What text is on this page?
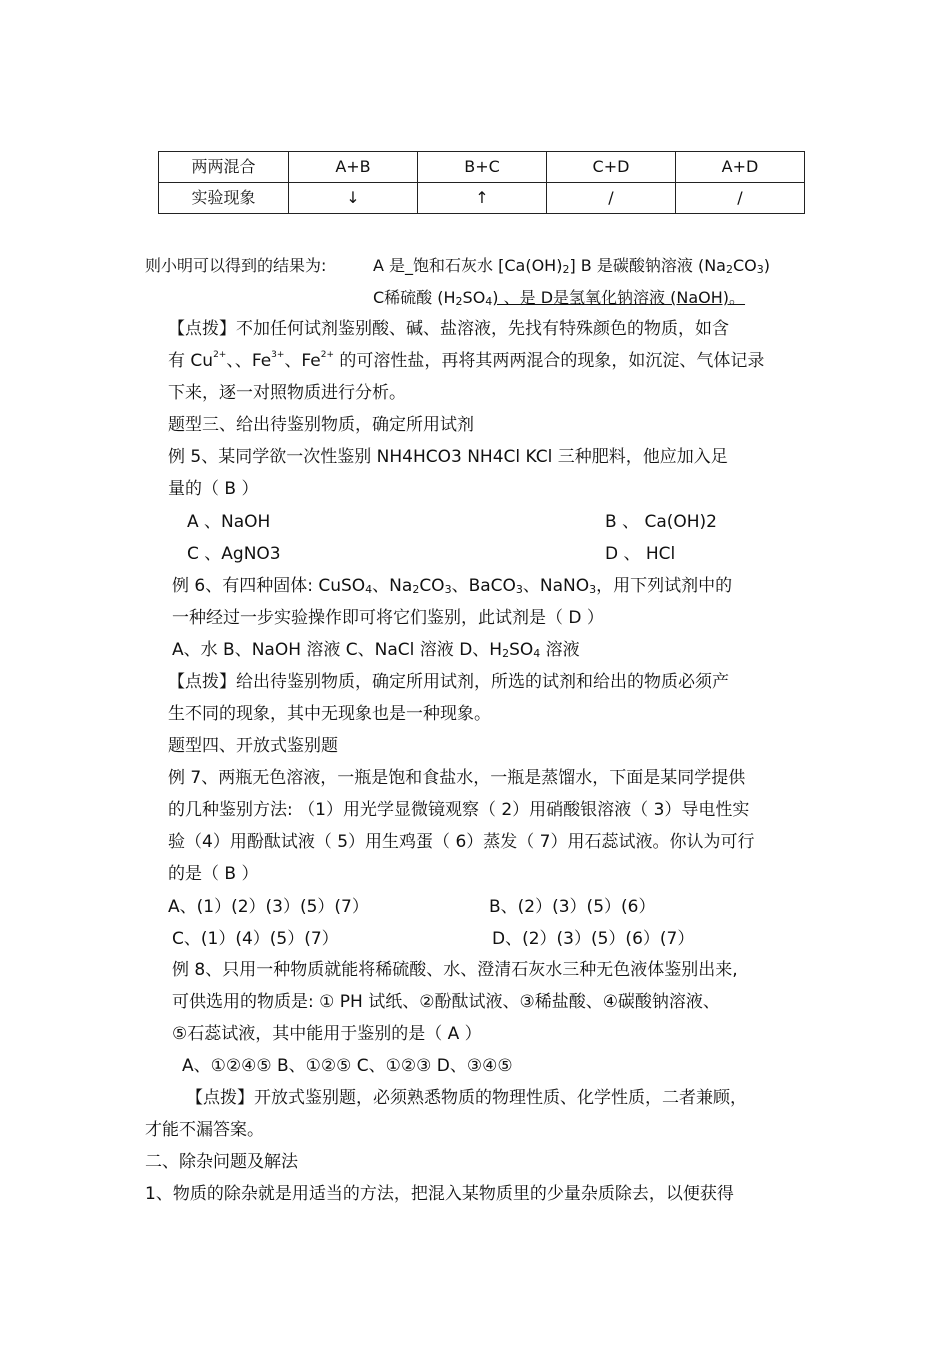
两两混合	A+B	B+C	C+D	A+D
实验现象	↓	↑	/	/
则小明可以得到的结果为:	A 是_饱和石灰水 $[Ca(OH)_2]$ B 是碳酸钠溶液 $(Na_2CO_3)$
C稀硫酸 $(H_2SO_4)$ 、是 D是氢氧化钠溶液 (NaOH)。
【点拨】不加任何试剂鉴别酸、碱、盐溶液，先找有特殊颜色的物质，如含
有 $Cu^{2+}$、、$Fe^{3+}$、$Fe^{2+}$ 的可溶性盐，再将其两两混合的现象，如沉淀、气体记录
下来，逐一对照物质进行分析。
题型三、给出待鉴别物质，确定所用试剂
例 5、某同学欲一次性鉴别 NH4HCO3 NH4Cl KCl 三种肥料，他应加入足
量的（ B ）
A 、NaOH	B 、 Ca(OH)2
C 、AgNO3	D 、 HCl
例 6、有四种固体: CuSO$_4$、$Na_2CO_3$、BaCO$_3$、NaNO$_3$，用下列试剂中的
一种经过一步实验操作即可将它们鉴别，此试剂是（ D ）
A、水 B、NaOH 溶液 C、NaCl 溶液 D、$H_2SO_4$ 溶液
【点拨】给出待鉴别物质，确定所用试剂，所选的试剂和给出的物质必须产
生不同的现象，其中无现象也是一种现象。
题型四、开放式鉴别题
例 7、两瓶无色溶液，一瓶是饱和食盐水，一瓶是蒸馏水，下面是某同学提供
的几种鉴别方法: （1）用光学显微镜观察（ 2）用硝酸银溶液（ 3）导电性实
验（4）用酚酞试液（ 5）用生鸡蛋（ 6）蒸发（ 7）用石蕊试液。你认为可行
的是（ B ）
A、(1）(2）(3）(5）(7）	B、(2）(3）(5）(6）
C、(1）(4）(5）(7）	D、(2）(3）(5）(6）(7）
例 8、只用一种物质就能将稀硫酸、水、澄清石灰水三种无色液体鉴别出来,
可供选用的物质是: ① PH 试纸、②酚酞试液、③稀盐酸、④碳酸钠溶液、
⑤石蕊试液，其中能用于鉴别的是（ A ）
A、①②④⑤ B、①②⑤ C、①②③ D、③④⑤
【点拨】开放式鉴别题，必须熟悉物质的物理性质、化学性质，二者兼顾，
才能不漏答案。
二、除杂问题及解法
1、物质的除杂就是用适当的方法，把混入某物质里的少量杂质除去，以便获得
